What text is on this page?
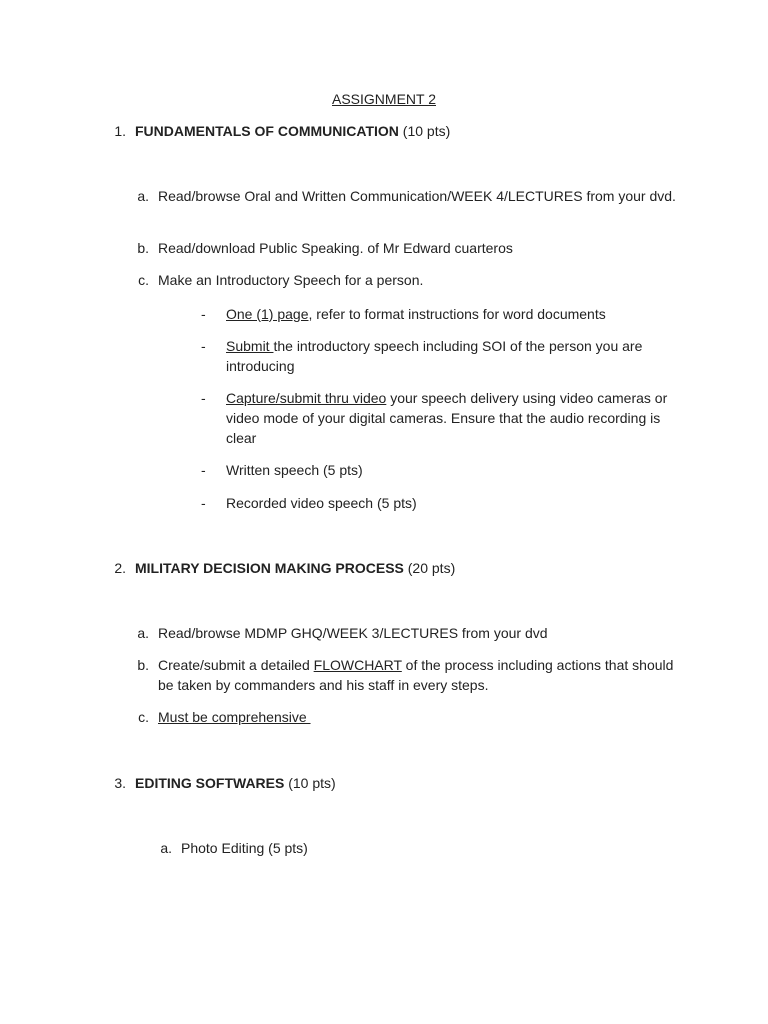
ASSIGNMENT 2
1. FUNDAMENTALS OF COMMUNICATION (10 pts)
a. Read/browse Oral and Written Communication/WEEK 4/LECTURES from your dvd.
b. Read/download Public Speaking. of Mr Edward cuarteros
c. Make an Introductory Speech for a person.
- One (1) page, refer to format instructions for word documents
- Submit the introductory speech including SOI of the person you are introducing
- Capture/submit thru video your speech delivery using video cameras or video mode of your digital cameras. Ensure that the audio recording is clear
- Written speech (5 pts)
- Recorded video speech (5 pts)
2. MILITARY DECISION MAKING PROCESS (20 pts)
a. Read/browse MDMP GHQ/WEEK 3/LECTURES from your dvd
b. Create/submit a detailed FLOWCHART of the process including actions that should be taken by commanders and his staff in every steps.
c. Must be comprehensive
3. EDITING SOFTWARES (10 pts)
a. Photo Editing (5 pts)
